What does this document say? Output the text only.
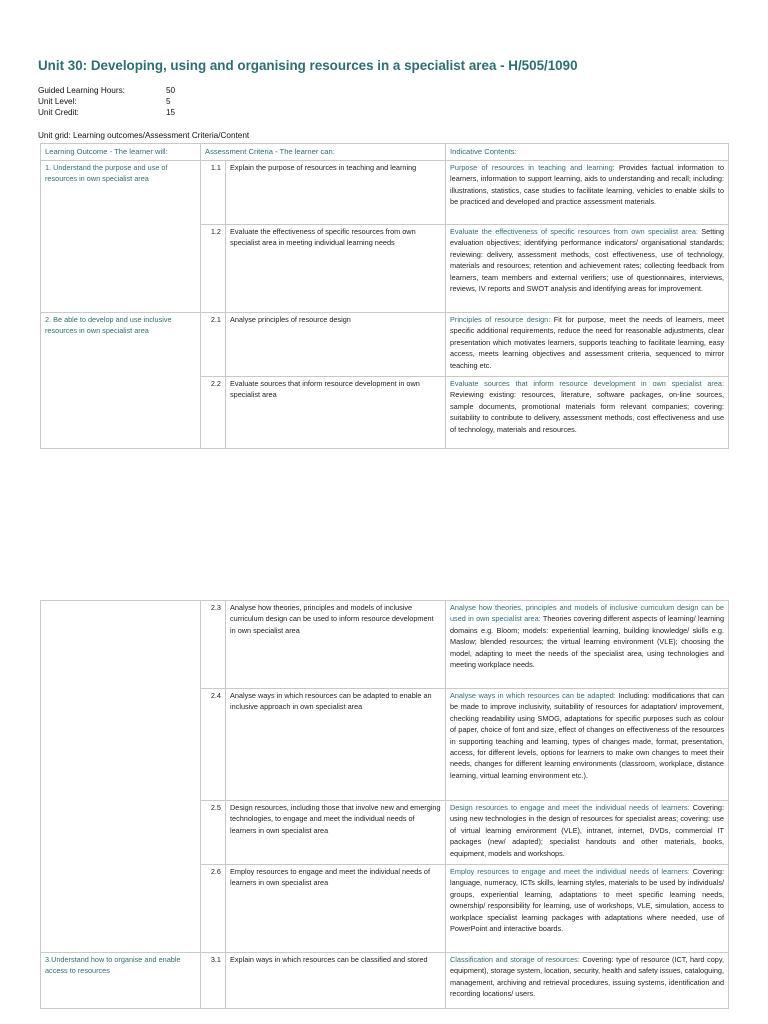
Unit 30: Developing, using and organising resources in a specialist area - H/505/1090
Guided Learning Hours:	50
Unit Level:	5
Unit Credit:	15
Unit grid: Learning outcomes/Assessment Criteria/Content
Learning Outcome - The learner will:	Assessment Criteria - The learner can:		Indicative Contents:
1. Understand the purpose and use of resources in own specialist area	1.1	Explain the purpose of resources in teaching and learning	Purpose of resources in teaching and learning: Provides factual information to learners, information to support learning, aids to understanding and recall; including: illustrations, statistics, case studies to facilitate learning, vehicles to enable skills to be practiced and developed and practice assessment materials.
	1.2	Evaluate the effectiveness of specific resources from own specialist area in meeting individual learning needs	Evaluate the effectiveness of specific resources from own specialist area: Setting evaluation objectives; identifying performance indicators/ organisational standards; reviewing: delivery, assessment methods, cost effectiveness, use of technology, materials and resources; retention and achievement rates; collecting feedback from learners, team members and external verifiers; use of questionnaires, interviews, reviews, IV reports and SWOT analysis and identifying areas for improvement.
2. Be able to develop and use inclusive resources in own specialist area	2.1	Analyse principles of resource design	Principles of resource design: Fit for purpose, meet the needs of learners, meet specific additional requirements, reduce the need for reasonable adjustments, clear presentation which motivates learners, supports teaching to facilitate learning, easy access, meets learning objectives and assessment criteria, sequenced to mirror teaching etc.
	2.2	Evaluate sources that inform resource development in own specialist area	Evaluate sources that inform resource development in own specialist area: Reviewing existing: resources, literature, software packages, on-line sources, sample documents, promotional materials form relevant companies; covering: suitability to contribute to delivery, assessment methods, cost effectiveness and use of technology, materials and resources.
	2.3	Analyse how theories, principles and models of inclusive curriculum design can be used to inform resource development in own specialist area	Analyse how theories, principles and models of inclusive curriculum design can be used in own specialist area: Theories covering different aspects of learning/ learning domains e.g. Bloom; models: experiential learning, building knowledge/ skills e.g. Maslow; blended resources; the virtual learning environment (VLE); choosing the model, adapting to meet the needs of the specialist area, using technologies and meeting workplace needs.
	2.4	Analyse ways in which resources can be adapted to enable an inclusive approach in own specialist area	Analyse ways in which resources can be adapted: Including: modifications that can be made to improve inclusivity, suitability of resources for adaptation/ improvement, checking readability using SMOG, adaptations for specific purposes such as colour of paper, choice of font and size, effect of changes on effectiveness of the resources in supporting teaching and learning, types of changes made, format, presentation, access, for different levels, options for learners to make own changes to meet their needs, changes for different learning environments (classroom, workplace, distance learning, virtual learning environment etc.).
	2.5	Design resources, including those that involve new and emerging technologies, to engage and meet the individual needs of learners in own specialist area	Design resources to engage and meet the individual needs of learners: Covering: using new technologies in the design of resources for specialist areas; covering: use of virtual learning environment (VLE), intranet, internet, DVDs, commercial IT packages (new/ adapted); specialist handouts and other materials, books, equipment, models and workshops.
	2.6	Employ resources to engage and meet the individual needs of learners in own specialist area	Employ resources to engage and meet the individual needs of learners: Covering: language, numeracy, ICTs skills, learning styles, materials to be used by individuals/ groups, experiential learning, adaptations to meet specific learning needs, ownership/ responsibility for learning, use of workshops, VLE, simulation, access to workplace specialist learning packages with adaptations where needed, use of PowerPoint and interactive boards.
3.Understand how to organise and enable access to resources	3.1	Explain ways in which resources can be classified and stored	Classification and storage of resources: Covering: type of resource (ICT, hard copy, equipment), storage system, location, security, health and safety issues, cataloguing, management, archiving and retrieval procedures, issuing systems, identification and recording locations/ users.
